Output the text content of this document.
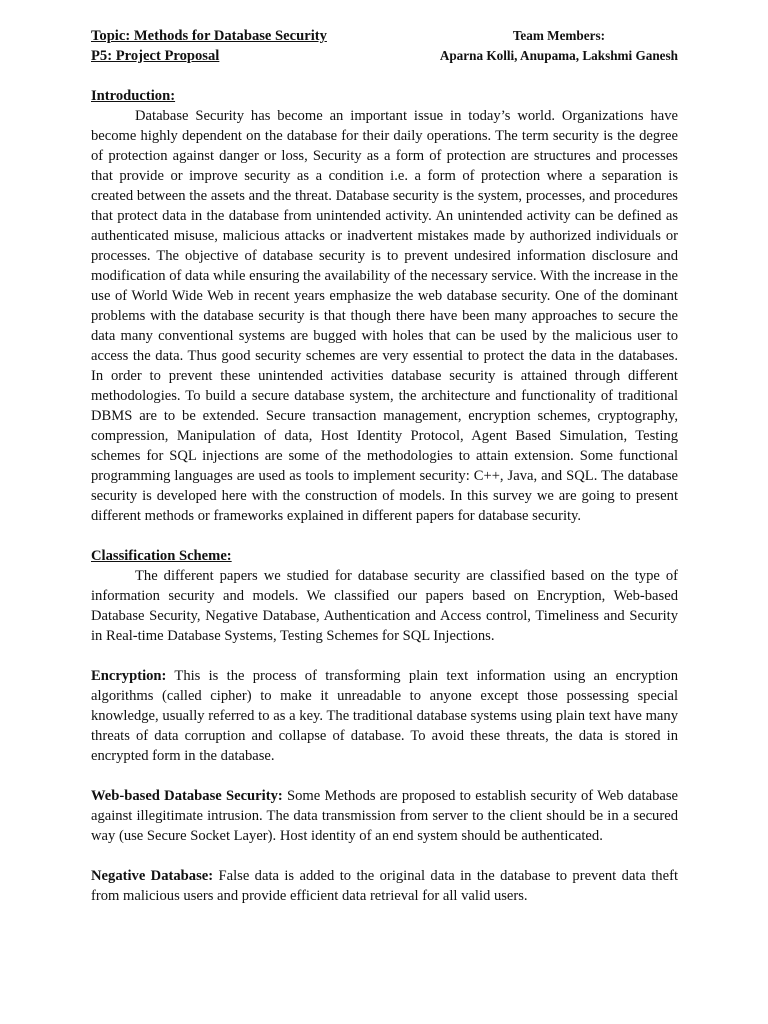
Topic: Methods for Database Security
P5: Project Proposal
Team Members:
Aparna Kolli, Anupama, Lakshmi Ganesh
Introduction:

Database Security has become an important issue in today’s world. Organizations have become highly dependent on the database for their daily operations. The term security is the degree of protection against danger or loss, Security as a form of protection are structures and processes that provide or improve security as a condition i.e. a form of protection where a separation is created between the assets and the threat. Database security is the system, processes, and procedures that protect data in the database from unintended activity. An unintended activity can be defined as authenticated misuse, malicious attacks or inadvertent mistakes made by authorized individuals or processes. The objective of database security is to prevent undesired information disclosure and modification of data while ensuring the availability of the necessary service. With the increase in the use of World Wide Web in recent years emphasize the web database security. One of the dominant problems with the database security is that though there have been many approaches to secure the data many conventional systems are bugged with holes that can be used by the malicious user to access the data. Thus good security schemes are very essential to protect the data in the databases. In order to prevent these unintended activities database security is attained through different methodologies. To build a secure database system, the architecture and functionality of traditional DBMS are to be extended. Secure transaction management, encryption schemes, cryptography, compression, Manipulation of data, Host Identity Protocol, Agent Based Simulation, Testing schemes for SQL injections are some of the methodologies to attain extension. Some functional programming languages are used as tools to implement security: C++, Java, and SQL. The database security is developed here with the construction of models. In this survey we are going to present different methods or frameworks explained in different papers for database security.

Classification Scheme:

The different papers we studied for database security are classified based on the type of information security and models. We classified our papers based on Encryption, Web-based Database Security, Negative Database, Authentication and Access control, Timeliness and Security in Real-time Database Systems, Testing Schemes for SQL Injections.

Encryption: This is the process of transforming plain text information using an encryption algorithms (called cipher) to make it unreadable to anyone except those possessing special knowledge, usually referred to as a key. The traditional database systems using plain text have many threats of data corruption and collapse of database. To avoid these threats, the data is stored in encrypted form in the database.

Web-based Database Security: Some Methods are proposed to establish security of Web database against illegitimate intrusion. The data transmission from server to the client should be in a secured way (use Secure Socket Layer). Host identity of an end system should be authenticated.

Negative Database: False data is added to the original data in the database to prevent data theft from malicious users and provide efficient data retrieval for all valid users.
